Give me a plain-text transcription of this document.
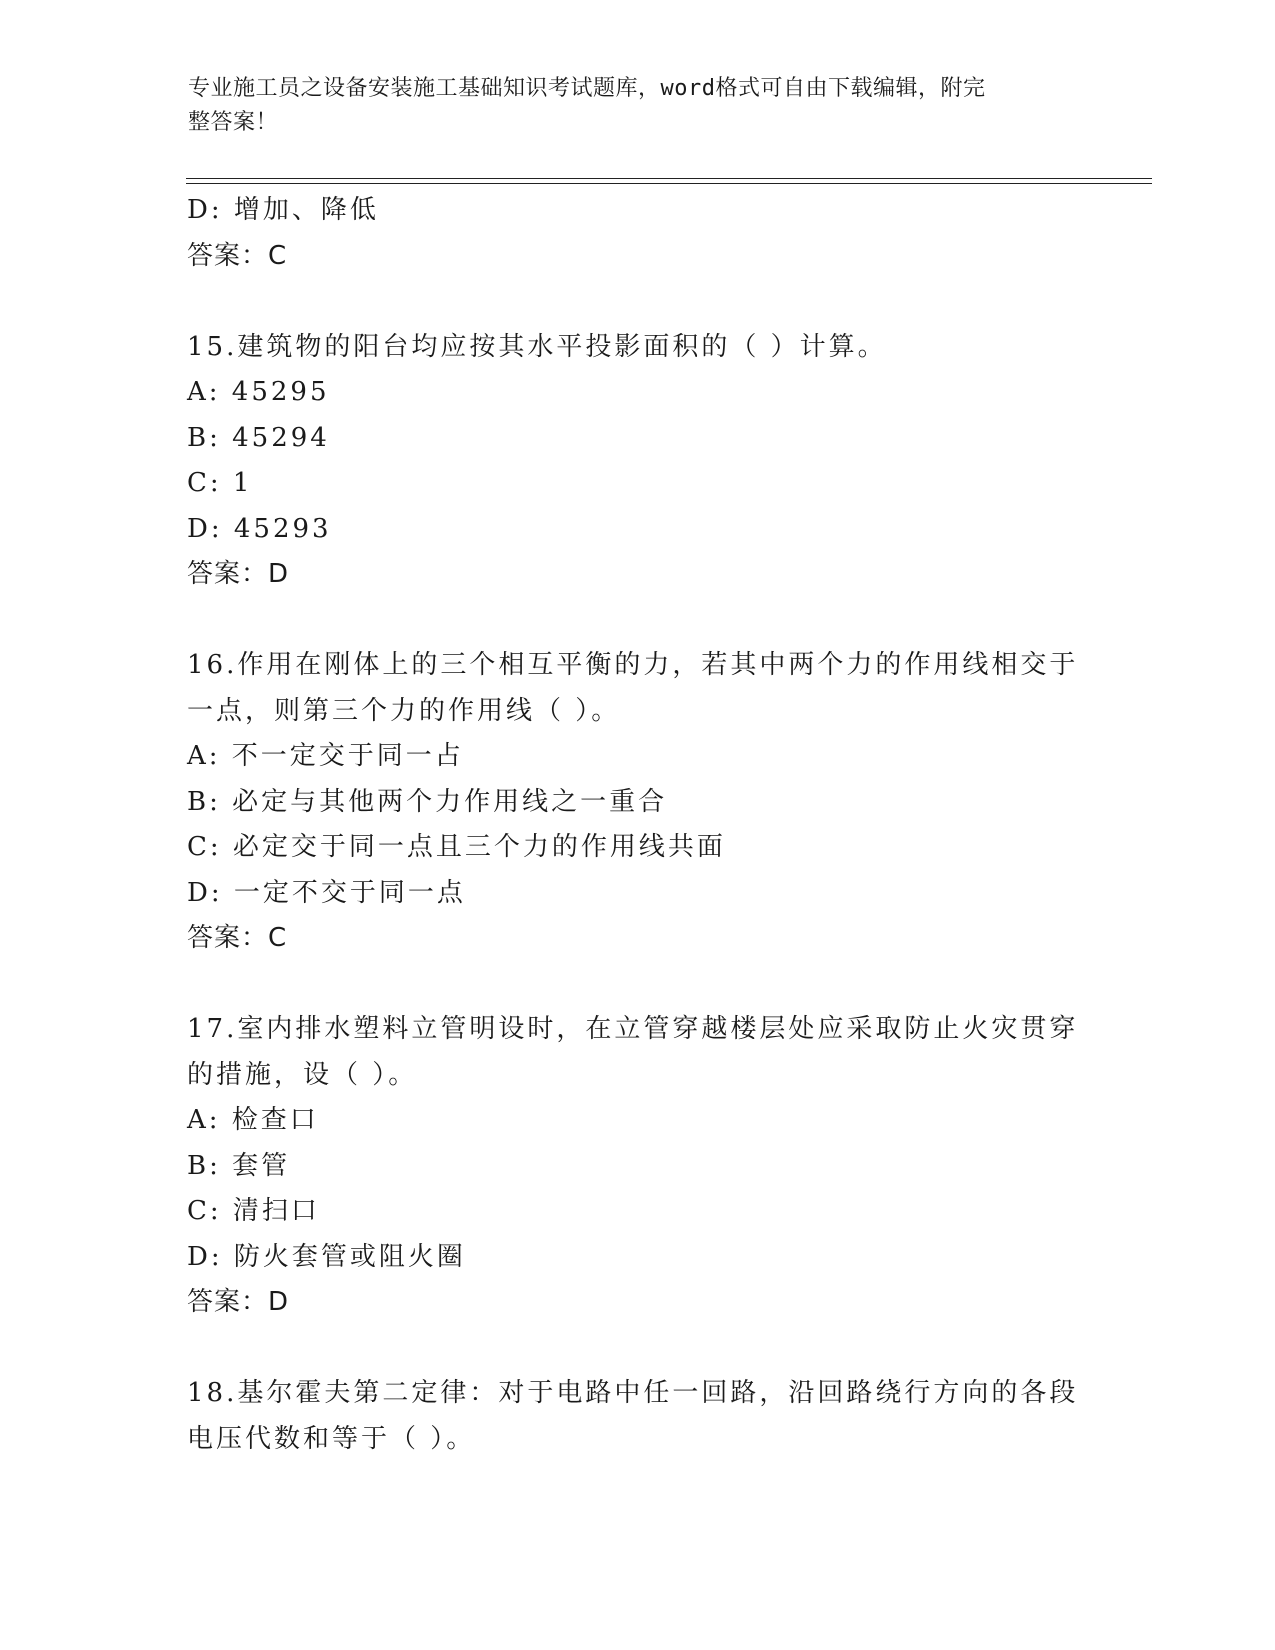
专业施工员之设备安装施工基础知识考试题库，word格式可自由下载编辑，附完
整答案！
D: 增加、降低
答案：C
15.建筑物的阳台均应按其水平投影面积的（ ）计算。
A: 45295
B: 45294
C: 1
D: 45293
答案：D
16.作用在刚体上的三个相互平衡的力，若其中两个力的作用线相交于
一点，则第三个力的作用线（ ）。
A: 不一定交于同一占
B: 必定与其他两个力作用线之一重合
C: 必定交于同一点且三个力的作用线共面
D: 一定不交于同一点
答案：C
17.室内排水塑料立管明设时，在立管穿越楼层处应采取防止火灾贯穿
的措施，设（ ）。
A: 检查口
B: 套管
C: 清扫口
D: 防火套管或阻火圈
答案：D
18.基尔霍夫第二定律：对于电路中任一回路，沿回路绕行方向的各段
电压代数和等于（ ）。
